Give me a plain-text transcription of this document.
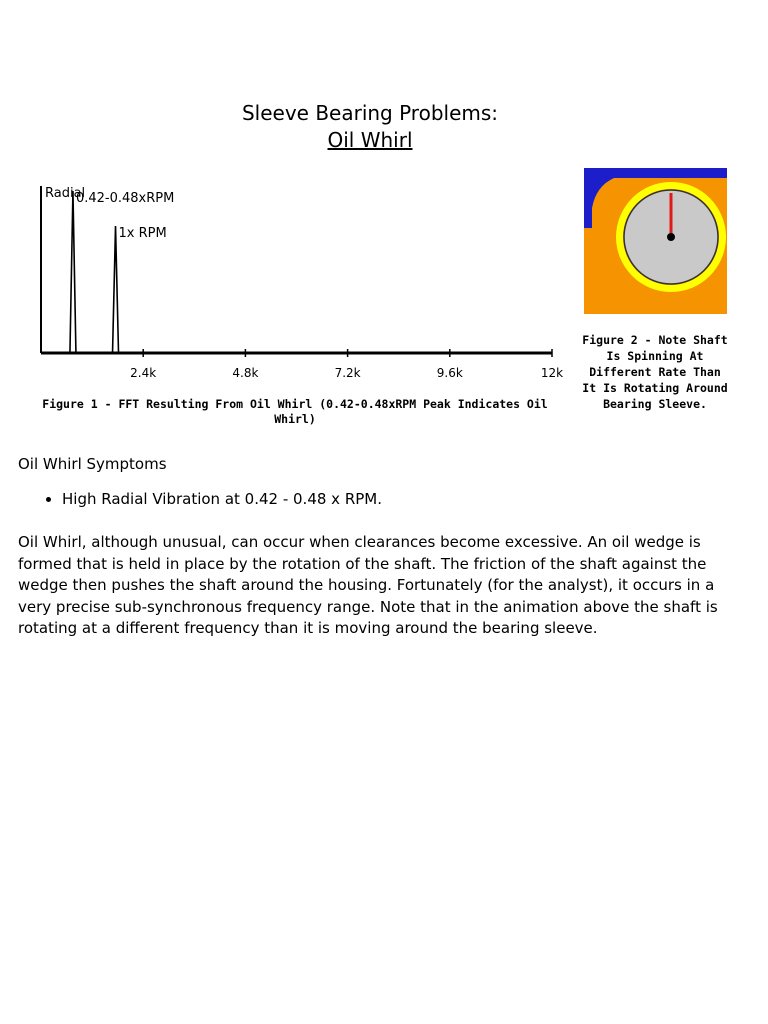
Sleeve Bearing Problems:
Oil Whirl
2.4k	4.8k	7.2k	9.6k	12k
0.42-0.48xRPM
1x RPM
Radial
Figure 1 - FFT Resulting From Oil Whirl (0.42-0.48xRPM Peak Indicates Oil Whirl)
Figure 2 - Note Shaft Is Spinning At Different Rate Than It Is Rotating Around Bearing Sleeve.
Oil Whirl Symptoms
• High Radial Vibration at 0.42 - 0.48 x RPM.

Oil Whirl, although unusual, can occur when clearances become excessive. An oil wedge is formed that is held in place by the rotation of the shaft. The friction of the shaft against the wedge then pushes the shaft around the housing. Fortunately (for the analyst), it occurs in a very precise sub-synchronous frequency range. Note that in the animation above the shaft is rotating at a different frequency than it is moving around the bearing sleeve.
